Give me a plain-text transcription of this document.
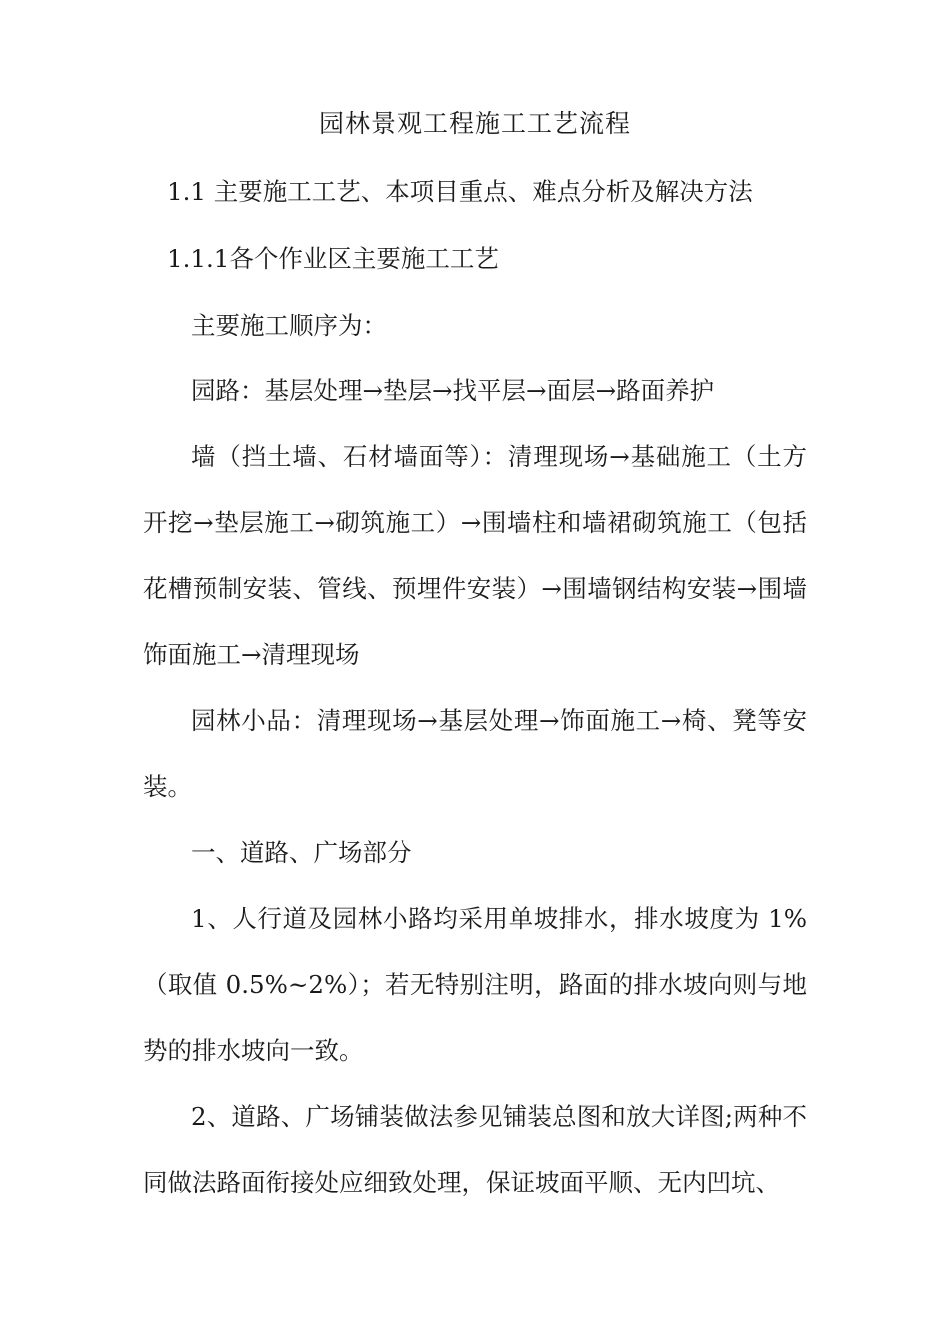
园林景观工程施工工艺流程
1.1 主要施工工艺、本项目重点、难点分析及解决方法
1.1.1各个作业区主要施工工艺
主要施工顺序为：
园路：基层处理→垫层→找平层→面层→路面养护
墙（挡土墙、石材墙面等）：清理现场→基础施工（土方开挖→垫层施工→砌筑施工）→围墙柱和墙裙砌筑施工（包括花槽预制安装、管线、预埋件安装）→围墙钢结构安装→围墙饰面施工→清理现场
园林小品：清理现场→基层处理→饰面施工→椅、凳等安装。
一、道路、广场部分
1、人行道及园林小路均采用单坡排水，排水坡度为 1%（取值 0.5%~2%）；若无特别注明，路面的排水坡向则与地势的排水坡向一致。
2、道路、广场铺装做法参见铺装总图和放大详图;两种不同做法路面衔接处应细致处理，保证坡面平顺、无内凹坑、
